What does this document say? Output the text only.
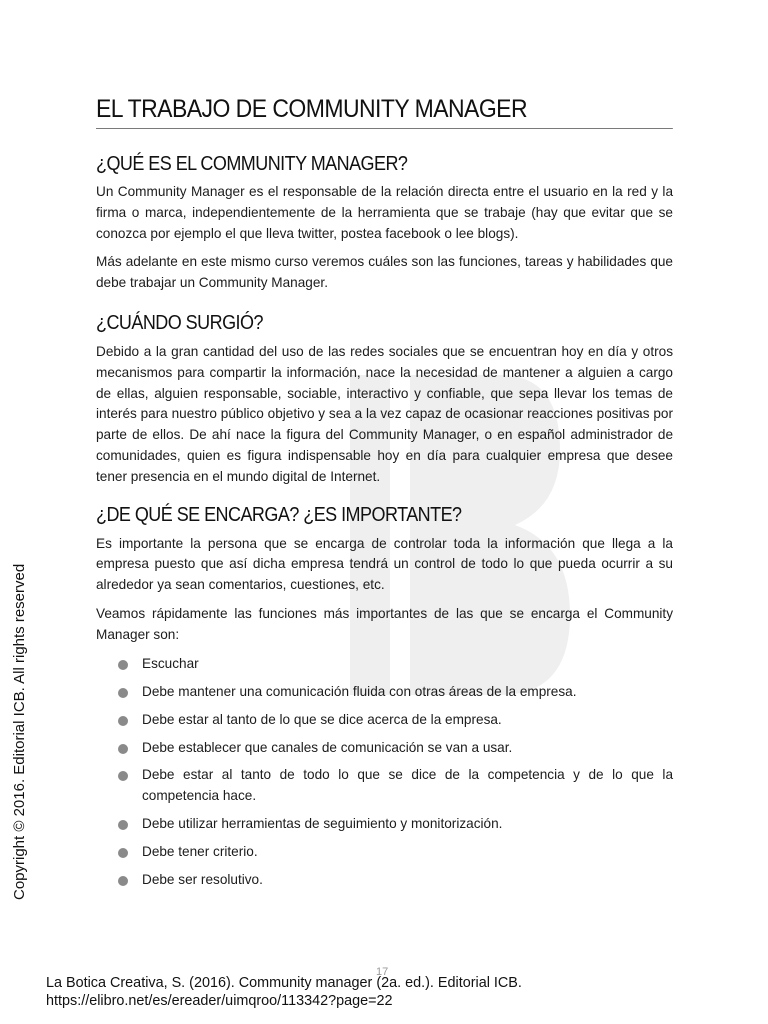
Copyright © 2016. Editorial ICB. All rights reserved
EL TRABAJO DE COMMUNITY MANAGER
¿QUÉ ES EL COMMUNITY MANAGER?

Un Community Manager es el responsable de la relación directa entre el usuario en la red y la firma o marca, independientemente de la herramienta que se trabaje (hay que evitar que se conozca por ejemplo el que lleva twitter, postea facebook o lee blogs).

Más adelante en este mismo curso veremos cuáles son las funciones, tareas y habilidades que debe trabajar un Community Manager.

¿CUÁNDO SURGIÓ?

Debido a la gran cantidad del uso de las redes sociales que se encuentran hoy en día y otros mecanismos para compartir la información, nace la necesidad de mantener a alguien a cargo de ellas, alguien responsable, sociable, interactivo y confiable, que sepa llevar los temas de interés para nuestro público objetivo y sea a la vez capaz de ocasionar reacciones positivas por parte de ellos. De ahí nace la figura del Community Manager, o en español administrador de comunidades, quien es figura indispensable hoy en día para cualquier empresa que desee tener presencia en el mundo digital de Internet.

¿DE QUÉ SE ENCARGA? ¿ES IMPORTANTE?

Es importante la persona que se encarga de controlar toda la información que llega a la empresa puesto que así dicha empresa tendrá un control de todo lo que pueda ocurrir a su alrededor ya sean comentarios, cuestiones, etc.

Veamos rápidamente las funciones más importantes de las que se encarga el Community Manager son:

Escuchar
Debe mantener una comunicación fluida con otras áreas de la empresa.
Debe estar al tanto de lo que se dice acerca de la empresa.
Debe establecer que canales de comunicación se van a usar.
Debe estar al tanto de todo lo que se dice de la competencia y de lo que la competencia hace.
Debe utilizar herramientas de seguimiento y monitorización.
Debe tener criterio.
Debe ser resolutivo.
17
La Botica Creativa, S. (2016). Community manager (2a. ed.). Editorial ICB. https://elibro.net/es/ereader/uimqroo/113342?page=22
